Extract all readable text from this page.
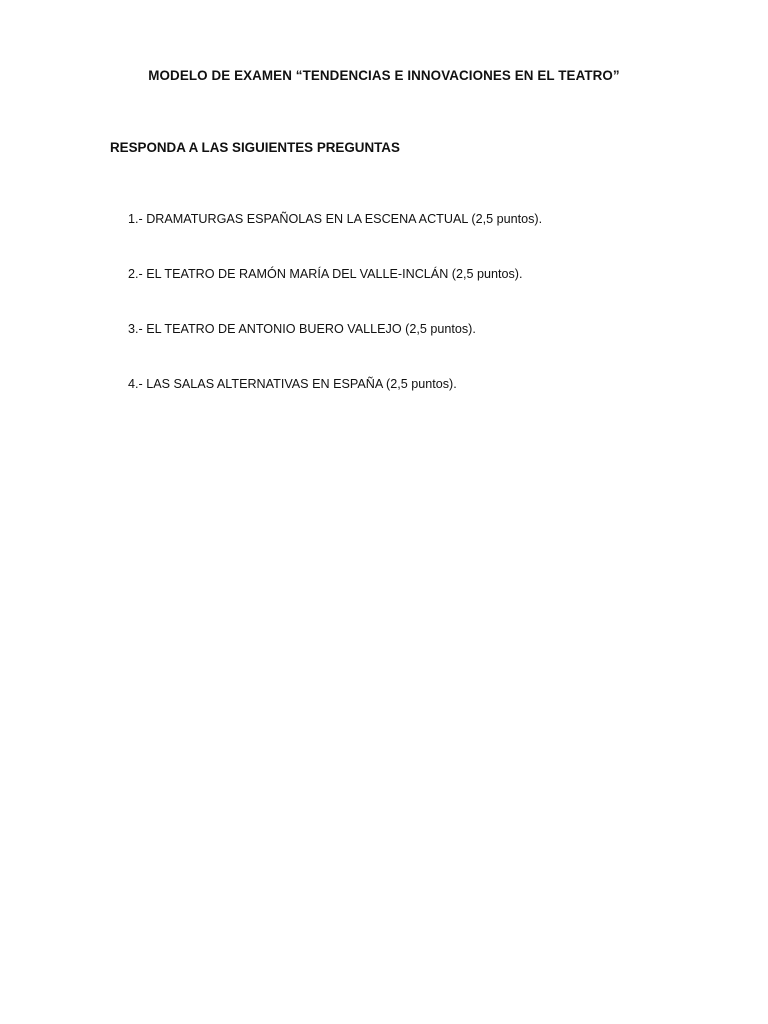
MODELO DE EXAMEN “TENDENCIAS E INNOVACIONES EN EL TEATRO”
RESPONDA A LAS SIGUIENTES PREGUNTAS
1.- DRAMATURGAS ESPAÑOLAS EN LA ESCENA ACTUAL (2,5 puntos).
2.- EL TEATRO DE RAMÓN MARÍA DEL VALLE-INCLÁN (2,5 puntos).
3.- EL TEATRO DE ANTONIO BUERO VALLEJO (2,5 puntos).
4.- LAS SALAS ALTERNATIVAS EN ESPAÑA (2,5 puntos).
